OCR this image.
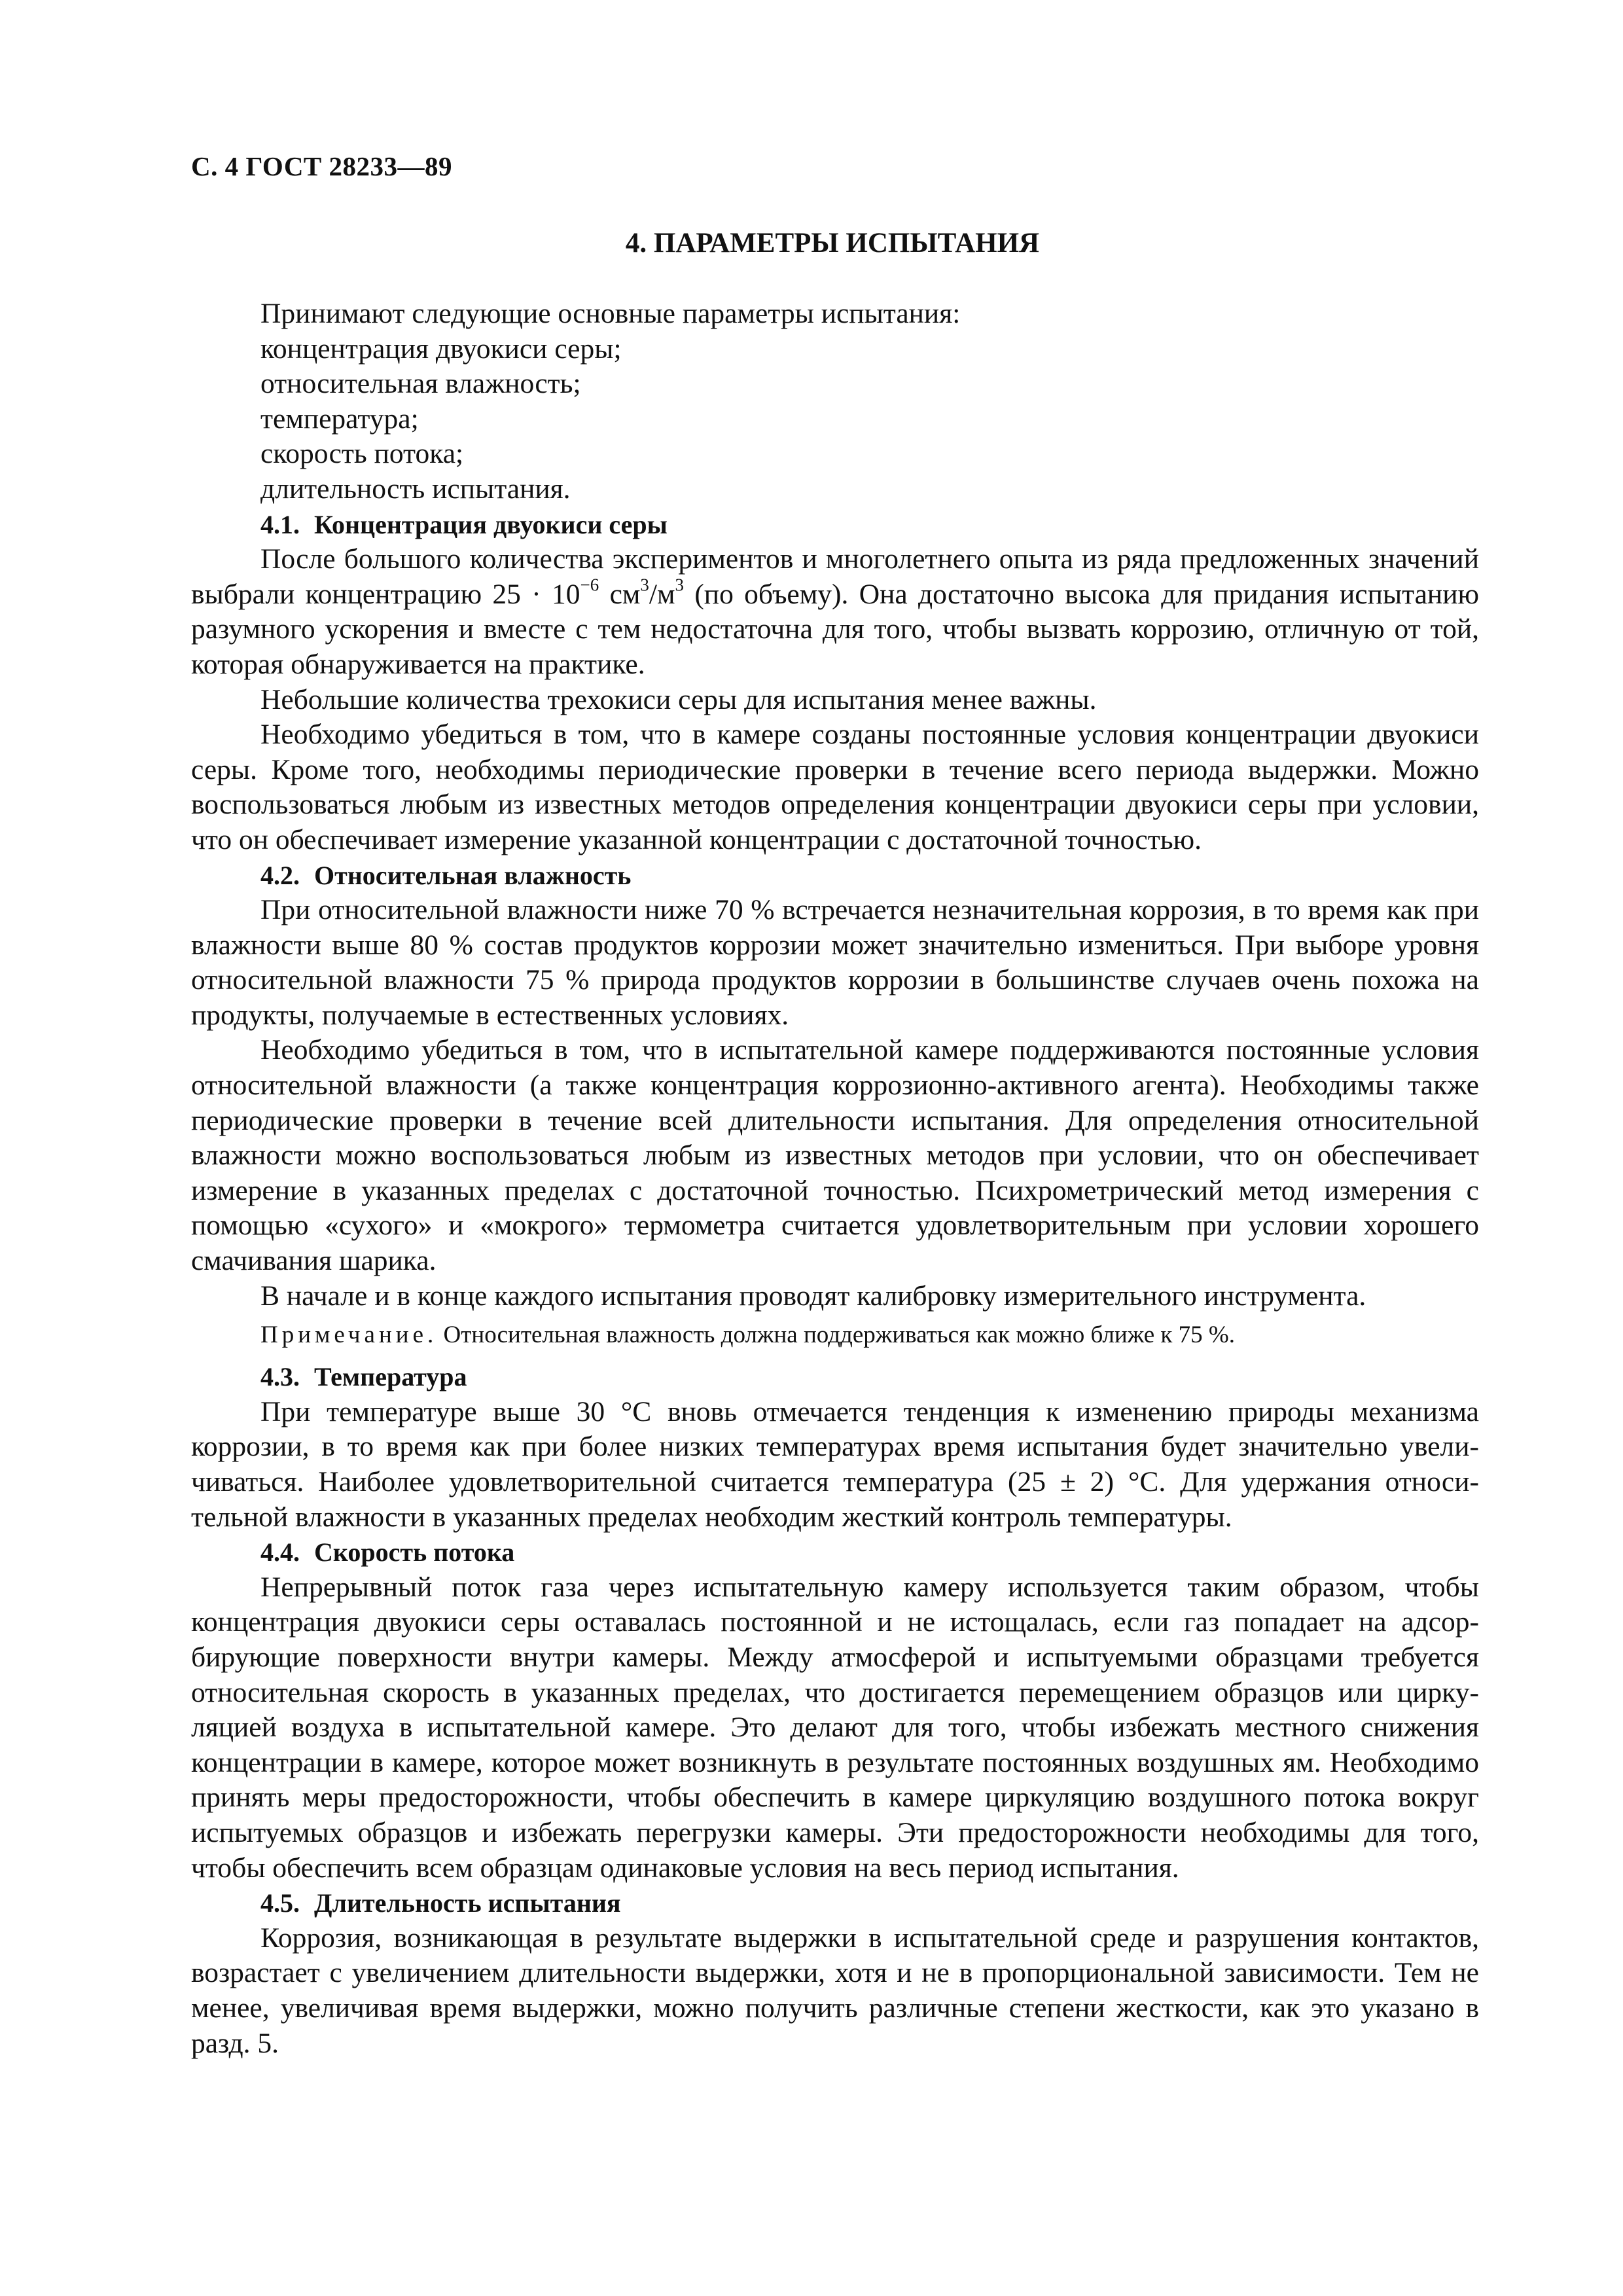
С. 4 ГОСТ 28233—89
4. ПАРАМЕТРЫ ИСПЫТАНИЯ

Принимают следующие основные параметры испытания:

концентрация двуокиси серы;

относительная влажность;

температура;

скорость потока;

длительность испытания.

4.1. Концентрация двуокиси серы

После большого количества экспериментов и многолетнего опыта из ряда предложенных значений выбрали концентрацию $25 \cdot 10^{-6}$ $см^3/м^3$ (по объему). Она достаточно высока для придания испытанию разумного ускорения и вместе с тем недостаточна для того, чтобы вызвать коррозию, отличную от той, которая обнаруживается на практике.

Небольшие количества трехокиси серы для испытания менее важны.

Необходимо убедиться в том, что в камере созданы постоянные условия концентрации двуокиси серы. Кроме того, необходимы периодические проверки в течение всего периода выдержки. Можно воспользоваться любым из известных методов определения концентрации двуокиси серы при условии, что он обеспечивает измерение указанной концентрации с достаточной точностью.

4.2. Относительная влажность

При относительной влажности ниже 70 % встречается незначительная коррозия, в то время как при влажности выше 80 % состав продуктов коррозии может значительно измениться. При выборе уровня относительной влажности 75 % природа продуктов коррозии в большинстве случаев очень похожа на продукты, получаемые в естественных условиях.

Необходимо убедиться в том, что в испытательной камере поддерживаются постоянные условия относительной влажности (а также концентрация коррозионно-активного агента). Необходимы также периодические проверки в течение всей длительности испытания. Для определения относительной влажности можно воспользоваться любым из известных методов при условии, что он обеспечивает измерение в указанных пределах с достаточной точностью. Психрометрический метод измерения с помощью «сухого» и «мокрого» термометра считается удовлетворительным при условии хорошего смачивания шарика.

В начале и в конце каждого испытания проводят калибровку измерительного инструмента.

Примечание. Относительная влажность должна поддерживаться как можно ближе к 75 %.

4.3. Температура

При температуре выше 30 °С вновь отмечается тенденция к изменению природы механизма коррозии, в то время как при более низких температурах время испытания будет значительно увеличиваться. Наиболее удовлетворительной считается температура (25 ± 2) °С. Для удержания относительной влажности в указанных пределах необходим жесткий контроль температуры.

4.4. Скорость потока

Непрерывный поток газа через испытательную камеру используется таким образом, чтобы концентрация двуокиси серы оставалась постоянной и не истощалась, если газ попадает на адсорбирующие поверхности внутри камеры. Между атмосферой и испытуемыми образцами требуется относительная скорость в указанных пределах, что достигается перемещением образцов или циркуляцией воздуха в испытательной камере. Это делают для того, чтобы избежать местного снижения концентрации в камере, которое может возникнуть в результате постоянных воздушных ям. Необходимо принять меры предосторожности, чтобы обеспечить в камере циркуляцию воздушного потока вокруг испытуемых образцов и избежать перегрузки камеры. Эти предосторожности необходимы для того, чтобы обеспечить всем образцам одинаковые условия на весь период испытания.

4.5. Длительность испытания

Коррозия, возникающая в результате выдержки в испытательной среде и разрушения контактов, возрастает с увеличением длительности выдержки, хотя и не в пропорциональной зависимости. Тем не менее, увеличивая время выдержки, можно получить различные степени жесткости, как это указано в разд. 5.
